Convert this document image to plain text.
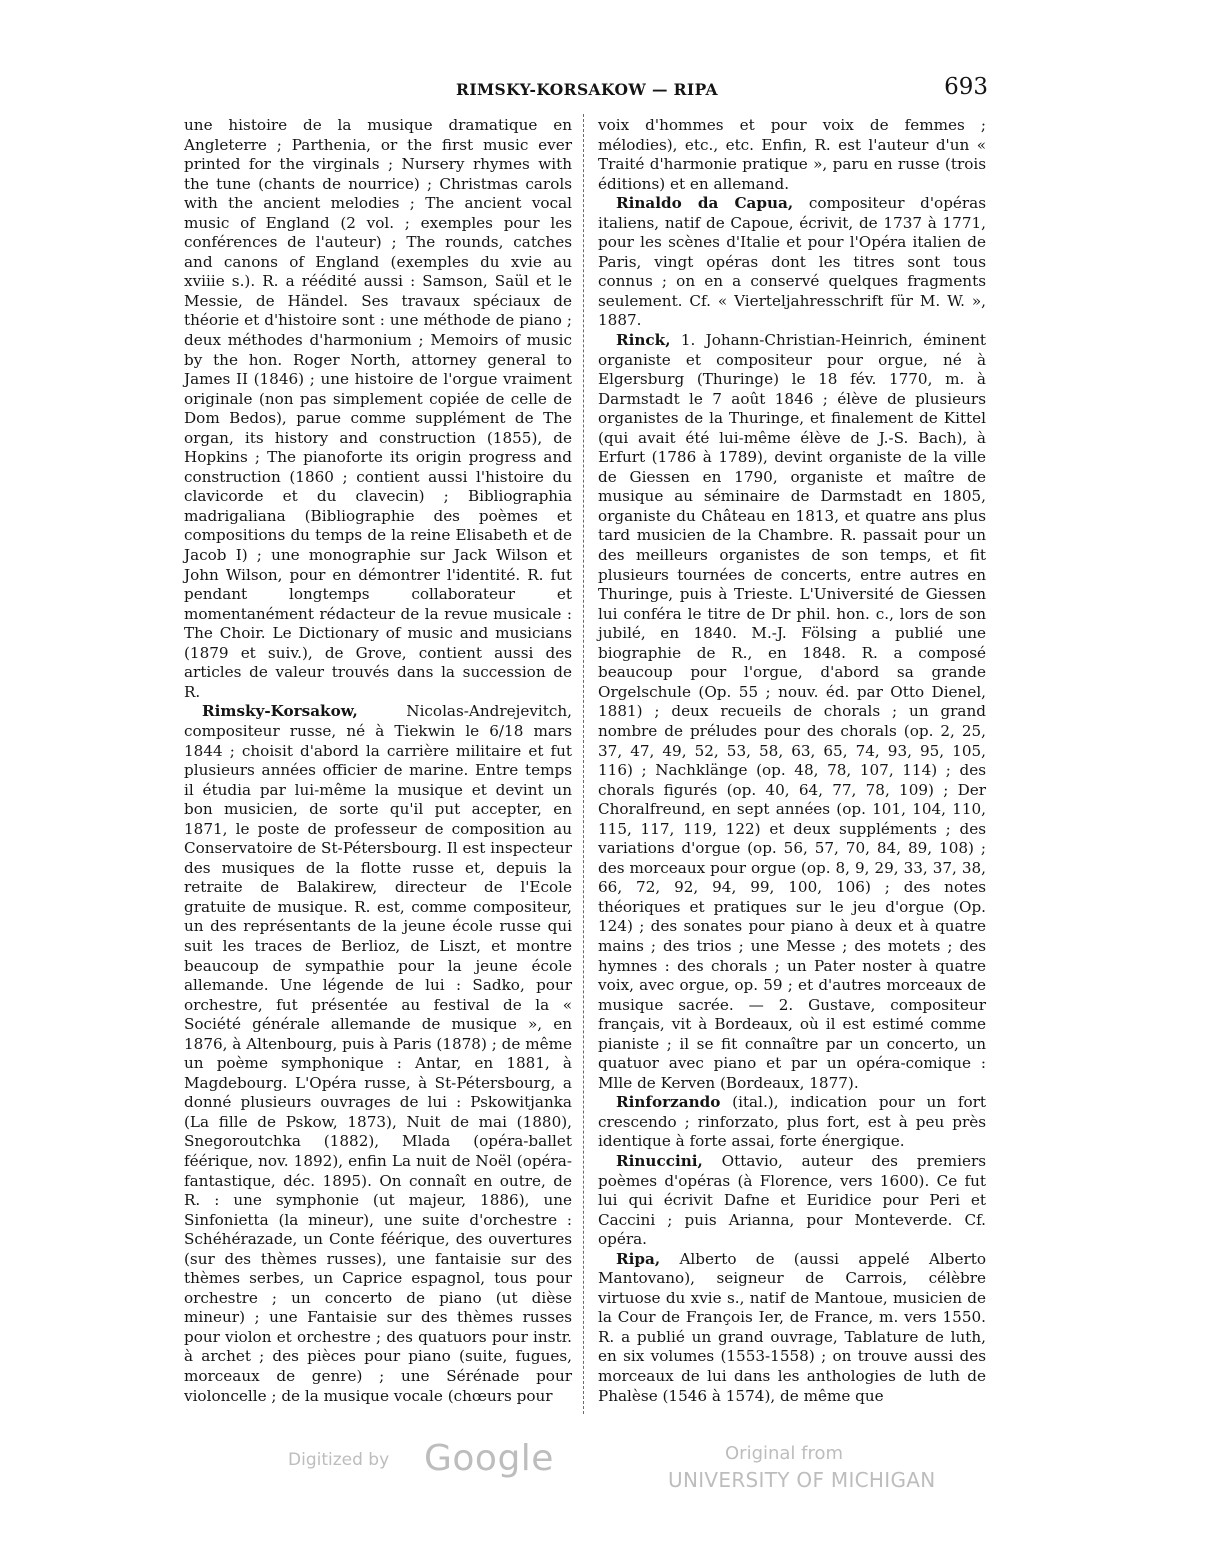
RIMSKY-KORSAKOW — RIPA	693

une histoire de la musique dramatique en Angleterre ; Parthenia, or the first music ever printed for the virginals ; Nursery rhymes with the tune (chants de nourrice) ; Christmas carols with the ancient melodies ; The ancient vocal music of England (2 vol. ; exemples pour les conférences de l'auteur) ; The rounds, catches and canons of England (exemples du xvie au xviiie s.). R. a réédité aussi : Samson, Saül et le Messie, de Händel. Ses travaux spéciaux de théorie et d'histoire sont : une méthode de piano ; deux méthodes d'harmonium ; Memoirs of music by the hon. Roger North, attorney general to James II (1846) ; une histoire de l'orgue vraiment originale (non pas simplement copiée de celle de Dom Bedos), parue comme supplément de The organ, its history and construction (1855), de Hopkins ; The pianoforte its origin progress and construction (1860 ; contient aussi l'histoire du clavicorde et du clavecin) ; Bibliographia madrigaliana (Bibliographie des poèmes et compositions du temps de la reine Elisabeth et de Jacob I) ; une monographie sur Jack Wilson et John Wilson, pour en démontrer l'identité. R. fut pendant longtemps collaborateur et momentanément rédacteur de la revue musicale : The Choir. Le Dictionary of music and musicians (1879 et suiv.), de Grove, contient aussi des articles de valeur trouvés dans la succession de R.

Rimsky-Korsakow,	Nicolas-Andrejevitch, compositeur russe, né à Tiekwin le 6/18 mars 1844 ; choisit d'abord la carrière militaire et fut plusieurs années officier de marine. Entre temps il étudia par lui-même la musique et devint un bon musicien, de sorte qu'il put accepter, en 1871, le poste de professeur de composition au Conservatoire de St-Pétersbourg. Il est inspecteur des musiques de la flotte russe et, depuis la retraite de Balakirew, directeur de l'Ecole gratuite de musique. R. est, comme compositeur, un des représentants de la jeune école russe qui suit les traces de Berlioz, de Liszt, et montre beaucoup de sympathie pour la jeune école allemande. Une légende de lui : Sadko, pour orchestre, fut présentée au festival de la « Société générale allemande de musique », en 1876, à Altenbourg, puis à Paris (1878) ; de même un poème symphonique : Antar, en 1881, à Magdebourg. L'Opéra russe, à St-Pétersbourg, a donné plusieurs ouvrages de lui : Pskowitjanka (La fille de Pskow, 1873), Nuit de mai (1880), Snegoroutchka (1882), Mlada (opéra-ballet féérique, nov. 1892), enfin La nuit de Noël (opéra-fantastique, déc. 1895). On connaît en outre, de R. : une symphonie (ut majeur, 1886), une Sinfonietta (la mineur), une suite d'orchestre : Schéhérazade, un Conte féérique, des ouvertures (sur des thèmes russes), une fantaisie sur des thèmes serbes, un Caprice espagnol, tous pour orchestre ; un concerto de piano (ut dièse mineur) ; une Fantaisie sur des thèmes russes pour violon et orchestre ; des quatuors pour instr. à archet ; des pièces pour piano (suite, fugues, morceaux de genre) ; une Sérénade pour violoncelle ; de la musique vocale (chœurs pour

voix d'hommes et pour voix de femmes ; mélodies), etc., etc. Enfin, R. est l'auteur d'un « Traité d'harmonie pratique », paru en russe (trois éditions) et en allemand.

Rinaldo da Capua, compositeur d'opéras italiens, natif de Capoue, écrivit, de 1737 à 1771, pour les scènes d'Italie et pour l'Opéra italien de Paris, vingt opéras dont les titres sont tous connus ; on en a conservé quelques fragments seulement. Cf. « Vierteljahresschrift für M. W. », 1887.

Rinck, 1. Johann-Christian-Heinrich, éminent organiste et compositeur pour orgue, né à Elgersburg (Thuringe) le 18 fév. 1770, m. à Darmstadt le 7 août 1846 ; élève de plusieurs organistes de la Thuringe, et finalement de Kittel (qui avait été lui-même élève de J.-S. Bach), à Erfurt (1786 à 1789), devint organiste de la ville de Giessen en 1790, organiste et maître de musique au séminaire de Darmstadt en 1805, organiste du Château en 1813, et quatre ans plus tard musicien de la Chambre. R. passait pour un des meilleurs organistes de son temps, et fit plusieurs tournées de concerts, entre autres en Thuringe, puis à Trieste. L'Université de Giessen lui conféra le titre de Dr phil. hon. c., lors de son jubilé, en 1840. M.-J. Fölsing a publié une biographie de R., en 1848. R. a composé beaucoup pour l'orgue, d'abord sa grande Orgelschule (Op. 55 ; nouv. éd. par Otto Dienel, 1881) ; deux recueils de chorals ; un grand nombre de préludes pour des chorals (op. 2, 25, 37, 47, 49, 52, 53, 58, 63, 65, 74, 93, 95, 105, 116) ; Nachklänge (op. 48, 78, 107, 114) ; des chorals figurés (op. 40, 64, 77, 78, 109) ; Der Choralfreund, en sept années (op. 101, 104, 110, 115, 117, 119, 122) et deux suppléments ; des variations d'orgue (op. 56, 57, 70, 84, 89, 108) ; des morceaux pour orgue (op. 8, 9, 29, 33, 37, 38, 66, 72, 92, 94, 99, 100, 106) ; des notes théoriques et pratiques sur le jeu d'orgue (Op. 124) ; des sonates pour piano à deux et à quatre mains ; des trios ; une Messe ; des motets ; des hymnes : des chorals ; un Pater noster à quatre voix, avec orgue, op. 59 ; et d'autres morceaux de musique sacrée. — 2. Gustave, compositeur français, vit à Bordeaux, où il est estimé comme pianiste ; il se fit connaître par un concerto, un quatuor avec piano et par un opéra-comique : Mlle de Kerven (Bordeaux, 1877).

Rinforzando (ital.), indication pour un fort crescendo ; rinforzato, plus fort, est à peu près identique à forte assai, forte énergique.

Rinuccini, Ottavio, auteur des premiers poèmes d'opéras (à Florence, vers 1600). Ce fut lui qui écrivit Dafne et Euridice pour Peri et Caccini ; puis Arianna, pour Monteverde. Cf. opéra.

Ripa, Alberto de (aussi appelé Alberto Mantovano), seigneur de Carrois, célèbre virtuose du xvie s., natif de Mantoue, musicien de la Cour de François Ier, de France, m. vers 1550. R. a publié un grand ouvrage, Tablature de luth, en six volumes (1553-1558) ; on trouve aussi des morceaux de lui dans les anthologies de luth de Phalèse (1546 à 1574), de même que

Digitized by Google	Original from
UNIVERSITY OF MICHIGAN
